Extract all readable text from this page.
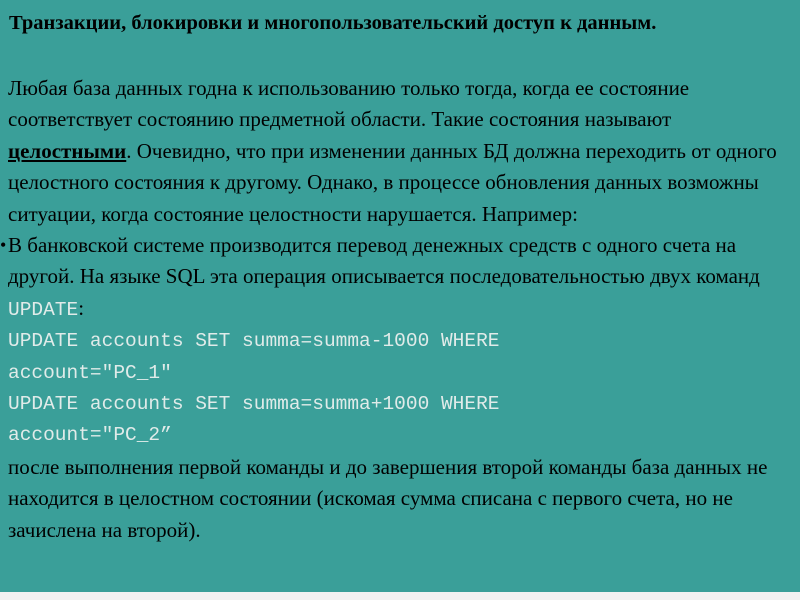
Транзакции, блокировки и многопользовательский доступ к данным.

Любая база данных годна к использованию только тогда, когда ее состояние соответствует состоянию предметной области. Такие состояния называют целостными. Очевидно, что при изменении данных БД должна переходить от одного целостного состояния к другому. Однако, в процессе обновления данных возможны ситуации, когда состояние целостности нарушается. Например:

• В банковской системе производится перевод денежных средств с одного счета на другой. На языке SQL эта операция описывается последовательностью двух команд UPDATE:

UPDATE accounts SET summa=summa-1000 WHERE
account="PC_1"
UPDATE accounts SET summa=summa+1000 WHERE
account="PC_2”

после выполнения первой команды и до завершения второй команды база данных не находится в целостном состоянии (искомая сумма списана с первого счета, но не зачислена на второй).
